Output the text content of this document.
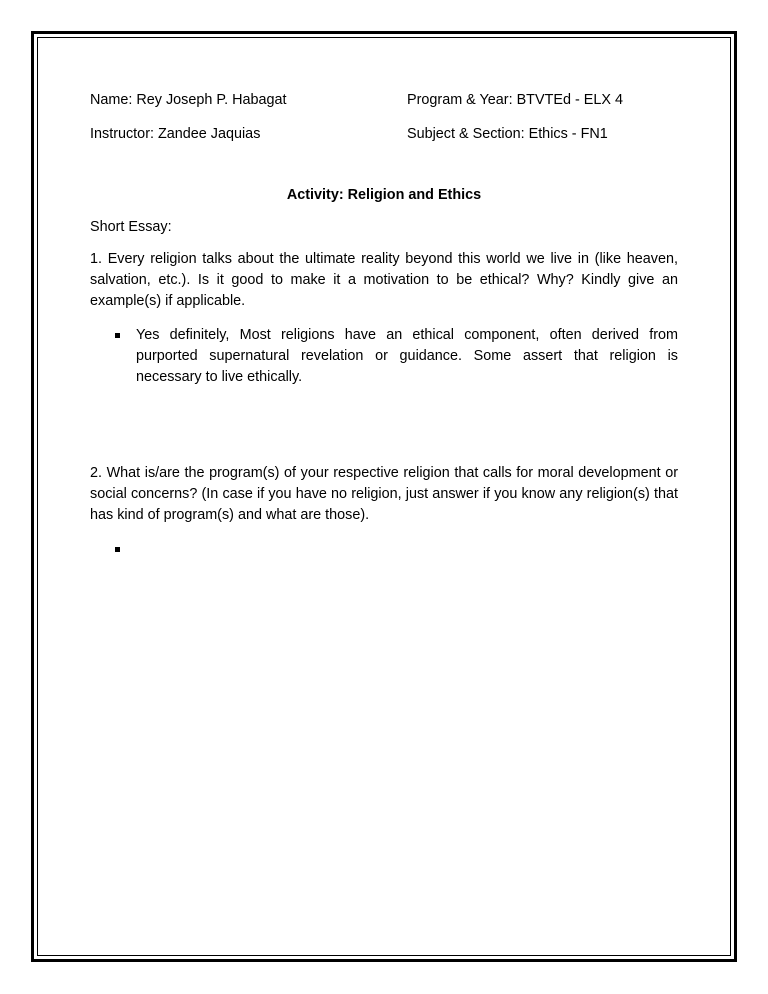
Name: Rey Joseph P. Habagat	Program & Year: BTVTEd - ELX 4
Instructor: Zandee Jaquias	Subject & Section: Ethics - FN1
Activity: Religion and Ethics
Short Essay:
1. Every religion talks about the ultimate reality beyond this world we live in (like heaven, salvation, etc.). Is it good to make it a motivation to be ethical? Why? Kindly give an example(s) if applicable.
Yes definitely, Most religions have an ethical component, often derived from purported supernatural revelation or guidance. Some assert that religion is necessary to live ethically.
2. What is/are the program(s) of your respective religion that calls for moral development or social concerns? (In case if you have no religion, just answer if you know any religion(s) that has kind of program(s) and what are those).
